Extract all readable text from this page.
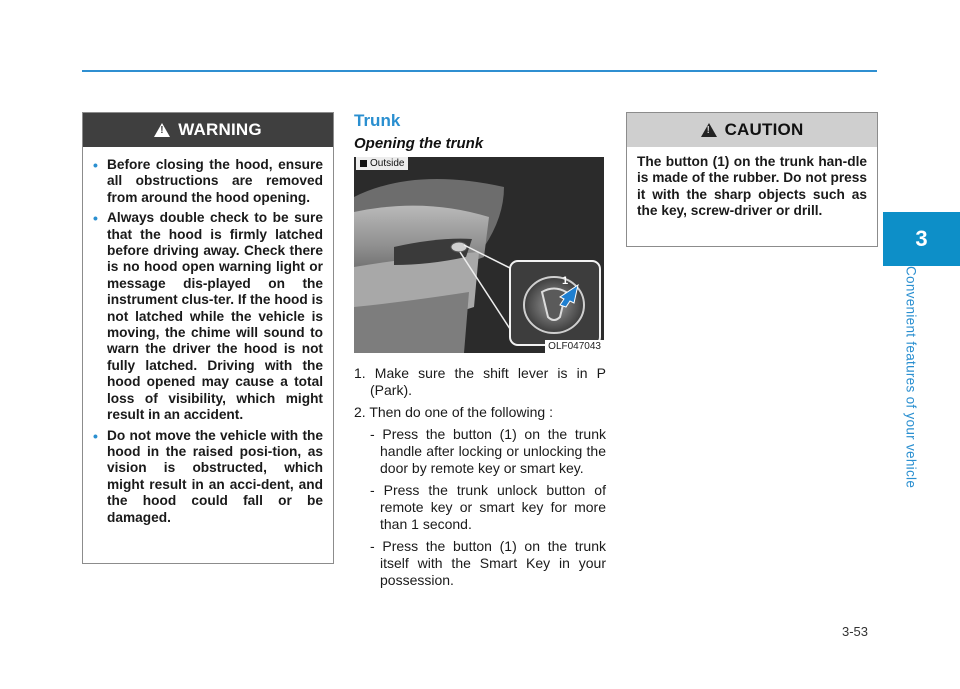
! WARNING
• Before closing the hood, ensure all obstructions are removed from around the hood opening.
• Always double check to be sure that the hood is firmly latched before driving away. Check there is no hood open warning light or message dis-played on the instrument clus-ter. If the hood is not latched while the vehicle is moving, the chime will sound to warn the driver the hood is not fully latched. Driving with the hood opened may cause a total loss of visibility, which might result in an accident.
• Do not move the vehicle with the hood in the raised posi-tion, as vision is obstructed, which might result in an acci-dent, and the hood could fall or be damaged.
Trunk
Opening the trunk
1
Outside
OLF047043
1. Make sure the shift lever is in P (Park).
2. Then do one of the following :

- Press the button (1) on the trunk handle after locking or unlocking the door by remote key or smart key.

- Press the trunk unlock button of remote key or smart key for more than 1 second.

- Press the button (1) on the trunk itself with the Smart Key in your possession.

! CAUTION
The button (1) on the trunk han-dle is made of the rubber. Do not press it with the sharp objects such as the key, screw-driver or drill.
3
Convenient features of your vehicle
3-53
